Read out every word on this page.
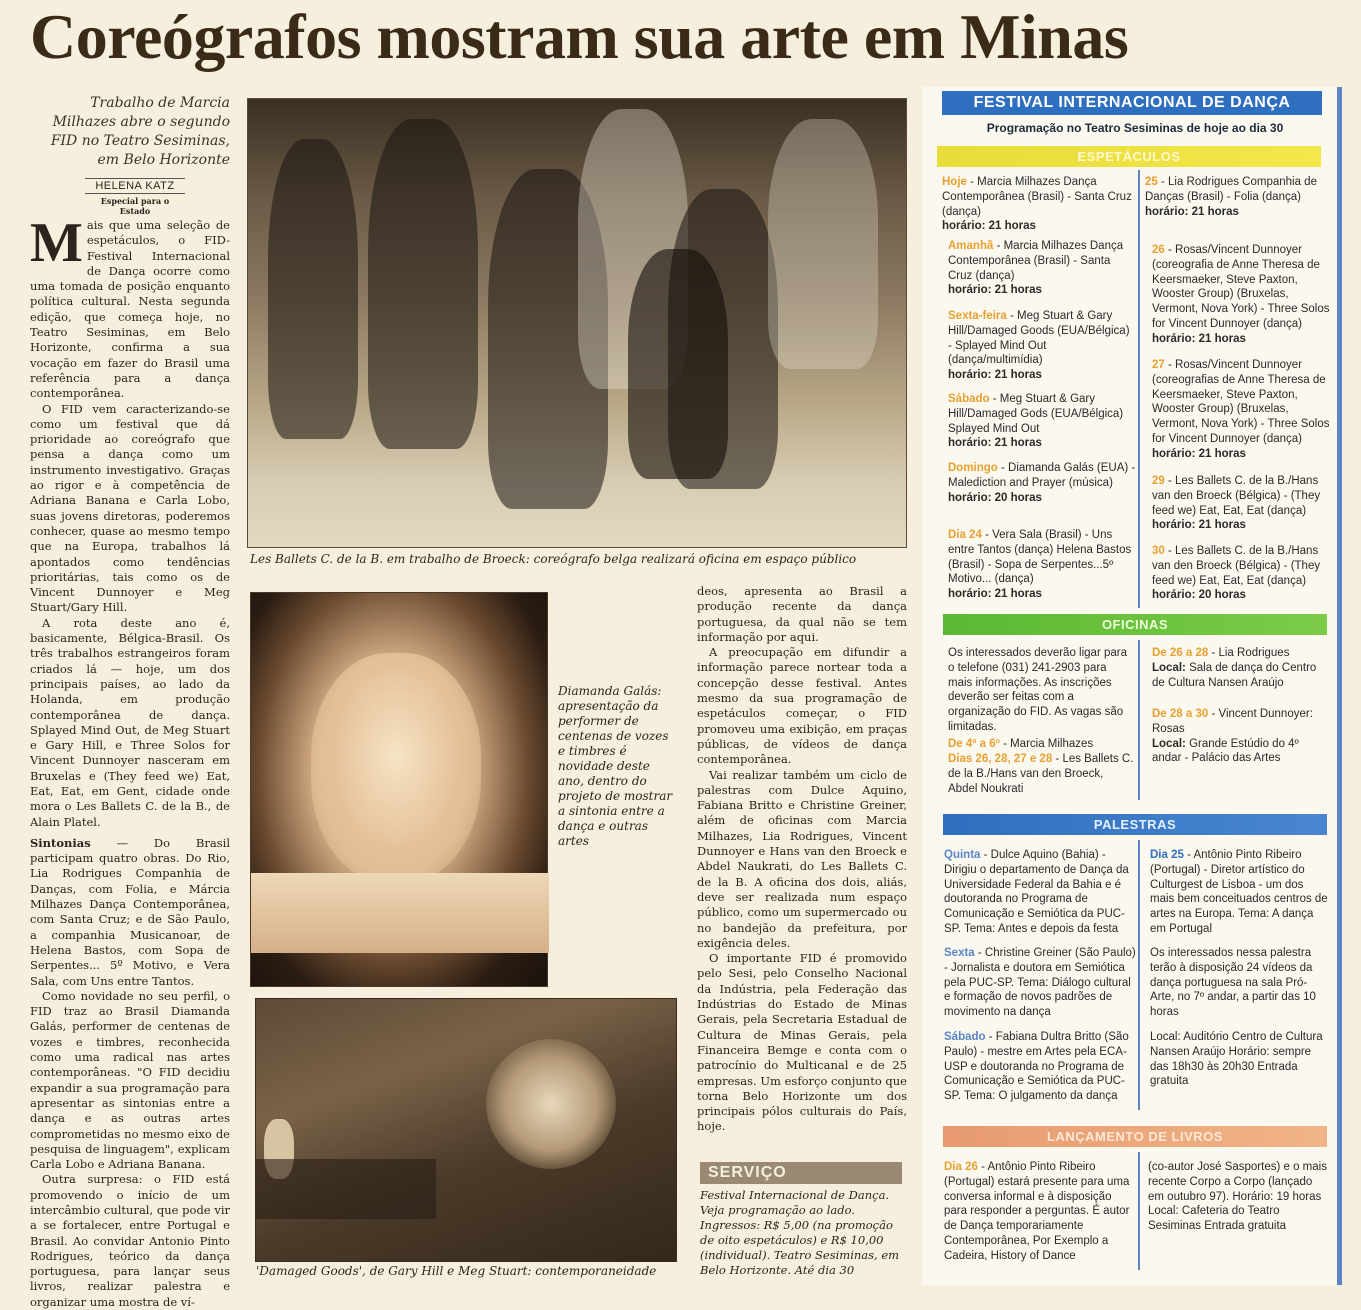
Coreógrafos mostram sua arte em Minas
Trabalho de Marcia Milhazes abre o segundo FID no Teatro Sesiminas, em Belo Horizonte
HELENA KATZ
Especial para o Estado

Mais que uma seleção de espetáculos, o FID-Festival Internacional de Dança ocorre como uma tomada de posição enquanto política cultural. Nesta segunda edição, que começa hoje, no Teatro Sesiminas, em Belo Horizonte, confirma a sua vocação em fazer do Brasil uma referência para a dança contemporânea.

O FID vem caracterizando-se como um festival que dá prioridade ao coreógrafo que pensa a dança como um instrumento investigativo. Graças ao rigor e à competência de Adriana Banana e Carla Lobo, suas jovens diretoras, poderemos conhecer, quase ao mesmo tempo que na Europa, trabalhos lá apontados como tendências prioritárias, tais como os de Vincent Dunnoyer e Meg Stuart/Gary Hill.

A rota deste ano é, basicamente, Bélgica-Brasil. Os três trabalhos estrangeiros foram criados lá — hoje, um dos principais países, ao lado da Holanda, em produção contemporânea de dança. Splayed Mind Out, de Meg Stuart e Gary Hill, e Three Solos for Vincent Dunnoyer nasceram em Bruxelas e (They feed we) Eat, Eat, Eat, em Gent, cidade onde mora o Les Ballets C. de la B., de Alain Platel.

Sintonias — Do Brasil participam quatro obras. Do Rio, Lia Rodrigues Companhia de Danças, com Folia, e Márcia Milhazes Dança Contemporânea, com Santa Cruz; e de São Paulo, a companhia Musicanoar, de Helena Bastos, com Sopa de Serpentes... 5º Motivo, e Vera Sala, com Uns entre Tantos.

Como novidade no seu perfil, o FID traz ao Brasil Diamanda Galás, performer de centenas de vozes e timbres, reconhecida como uma radical nas artes contemporâneas. "O FID decidiu expandir a sua programação para apresentar as sintonias entre a dança e as outras artes comprometidas no mesmo eixo de pesquisa de linguagem", explicam Carla Lobo e Adriana Banana.

Outra surpresa: o FID está promovendo o início de um intercâmbio cultural, que pode vir a se fortalecer, entre Portugal e Brasil. Ao convidar Antonio Pinto Rodrigues, teórico da dança portuguesa, para lançar seus livros, realizar palestra e organizar uma mostra de ví-

Les Ballets C. de la B. em trabalho de Broeck: coreógrafo belga realizará oficina em espaço público
Diamanda Galás: apresentação da performer de centenas de vozes e timbres é novidade deste ano, dentro do projeto de mostrar a sintonia entre a dança e outras artes
'Damaged Goods', de Gary Hill e Meg Stuart: contemporaneidade

deos, apresenta ao Brasil a produção recente da dança portuguesa, da qual não se tem informação por aqui.

A preocupação em difundir a informação parece nortear toda a concepção desse festival. Antes mesmo da sua programação de espetáculos começar, o FID promoveu uma exibição, em praças públicas, de vídeos de dança contemporânea.

Vai realizar também um ciclo de palestras com Dulce Aquino, Fabiana Britto e Christine Greiner, além de oficinas com Marcia Milhazes, Lia Rodrigues, Vincent Dunnoyer e Hans van den Broeck e Abdel Naukrati, do Les Ballets C. de la B. A oficina dos dois, aliás, deve ser realizada num espaço público, como um supermercado ou no bandejão da prefeitura, por exigência deles.

O importante FID é promovido pelo Sesi, pelo Conselho Nacional da Indústria, pela Federação das Indústrias do Estado de Minas Gerais, pela Secretaria Estadual de Cultura de Minas Gerais, pela Financeira Bemge e conta com o patrocínio do Multicanal e de 25 empresas. Um esforço conjunto que torna Belo Horizonte um dos principais pólos culturais do País, hoje.

SERVIÇO
Festival Internacional de Dança. Veja programação ao lado. Ingressos: R$ 5,00 (na promoção de oito espetáculos) e R$ 10,00 (individual). Teatro Sesiminas, em Belo Horizonte. Até dia 30
FESTIVAL INTERNACIONAL DE DANÇA
Programação no Teatro Sesiminas de hoje ao dia 30
ESPETÁCULOS
Hoje - Marcia Milhazes Dança Contemporânea (Brasil) - Santa Cruz (dança)
horário: 21 horas
Amanhã - Marcia Milhazes Dança Contemporânea (Brasil) - Santa Cruz (dança)
horário: 21 horas
Sexta-feira - Meg Stuart & Gary Hill/Damaged Goods (EUA/Bélgica) - Splayed Mind Out (dança/multimídia)
horário: 21 horas
Sábado - Meg Stuart & Gary Hill/Damaged Gods (EUA/Bélgica) Splayed Mind Out
horário: 21 horas
Domingo - Diamanda Galás (EUA) - Malediction and Prayer (música)
horário: 20 horas
Dia 24 - Vera Sala (Brasil) - Uns entre Tantos (dança) Helena Bastos (Brasil) - Sopa de Serpentes...5º Motivo... (dança)
horário: 21 horas
25 - Lia Rodrigues Companhia de Danças (Brasil) - Folia (dança)
horário: 21 horas
26 - Rosas/Vincent Dunnoyer (coreografia de Anne Theresa de Keersmaeker, Steve Paxton, Wooster Group) (Bruxelas, Vermont, Nova York) - Three Solos for Vincent Dunnoyer (dança)
horário: 21 horas
27 - Rosas/Vincent Dunnoyer (coreografias de Anne Theresa de Keersmaeker, Steve Paxton, Wooster Group) (Bruxelas, Vermont, Nova York) - Three Solos for Vincent Dunnoyer (dança)
horário: 21 horas
29 - Les Ballets C. de la B./Hans van den Broeck (Bélgica) - (They feed we) Eat, Eat, Eat (dança)
horário: 21 horas
30 - Les Ballets C. de la B./Hans van den Broeck (Bélgica) - (They feed we) Eat, Eat, Eat (dança)
horário: 20 horas
OFICINAS
Os interessados deverão ligar para o telefone (031) 241-2903 para mais informações. As inscrições deverão ser feitas com a organização do FID. As vagas são limitadas.
De 4º a 6º - Marcia Milhazes
Dias 26, 28, 27 e 28 - Les Ballets C. de la B./Hans van den Broeck, Abdel Noukrati
De 26 a 28 - Lia Rodrigues
Local: Sala de dança do Centro de Cultura Nansen Araújo
De 28 a 30 - Vincent Dunnoyer: Rosas
Local: Grande Estúdio do 4º andar - Palácio das Artes
PALESTRAS
Quinta - Dulce Aquino (Bahia) - Dirigiu o departamento de Dança da Universidade Federal da Bahia e é doutoranda no Programa de Comunicação e Semiótica da PUC-SP. Tema: Antes e depois da festa
Sexta - Christine Greiner (São Paulo) - Jornalista e doutora em Semiótica pela PUC-SP. Tema: Diálogo cultural e formação de novos padrões de movimento na dança
Sábado - Fabiana Dultra Britto (São Paulo) - mestre em Artes pela ECA-USP e doutoranda no Programa de Comunicação e Semiótica da PUC-SP. Tema: O julgamento da dança
Dia 25 - Antônio Pinto Ribeiro (Portugal) - Diretor artístico do Culturgest de Lisboa - um dos mais bem conceituados centros de artes na Europa. Tema: A dança em Portugal
Os interessados nessa palestra terão à disposição 24 vídeos da dança portuguesa na sala Pró-Arte, no 7º andar, a partir das 10 horas
Local: Auditório Centro de Cultura Nansen Araújo Horário: sempre das 18h30 às 20h30 Entrada gratuita
LANÇAMENTO DE LIVROS
Dia 26 - Antônio Pinto Ribeiro (Portugal) estará presente para uma conversa informal e à disposição para responder a perguntas. É autor de Dança temporariamente Contemporânea, Por Exemplo a Cadeira, History of Dance
(co-autor José Sasportes) e o mais recente Corpo a Corpo (lançado em outubro 97). Horário: 19 horas Local: Cafeteria do Teatro Sesiminas Entrada gratuita
